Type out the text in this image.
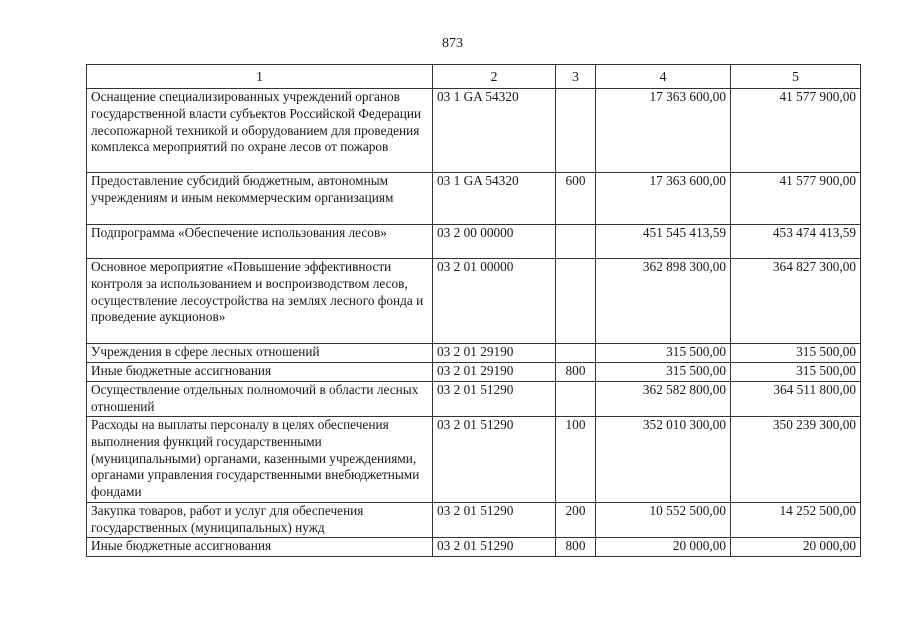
873
1	2	3	4	5
Оснащение специализированных учреждений органов государственной власти субъектов Российской Федерации лесопожарной техникой и оборудованием для проведения комплекса мероприятий по охране лесов от пожаров	03 1 GA 54320		17 363 600,00	41 577 900,00
Предоставление субсидий бюджетным, автономным учреждениям и иным некоммерческим организациям	03 1 GA 54320	600	17 363 600,00	41 577 900,00
Подпрограмма «Обеспечение использования лесов»	03 2 00 00000		451 545 413,59	453 474 413,59
Основное мероприятие «Повышение эффективности контроля за использованием и воспроизводством лесов, осуществление лесоустройства на землях лесного фонда и проведение аукционов»	03 2 01 00000		362 898 300,00	364 827 300,00
Учреждения в сфере лесных отношений	03 2 01 29190		315 500,00	315 500,00
Иные бюджетные ассигнования	03 2 01 29190	800	315 500,00	315 500,00
Осуществление отдельных полномочий в области лесных отношений	03 2 01 51290		362 582 800,00	364 511 800,00
Расходы на выплаты персоналу в целях обеспечения выполнения функций государственными (муниципальными) органами, казенными учреждениями, органами управления государственными внебюджетными фондами	03 2 01 51290	100	352 010 300,00	350 239 300,00
Закупка товаров, работ и услуг для обеспечения государственных (муниципальных) нужд	03 2 01 51290	200	10 552 500,00	14 252 500,00
Иные бюджетные ассигнования	03 2 01 51290	800	20 000,00	20 000,00
